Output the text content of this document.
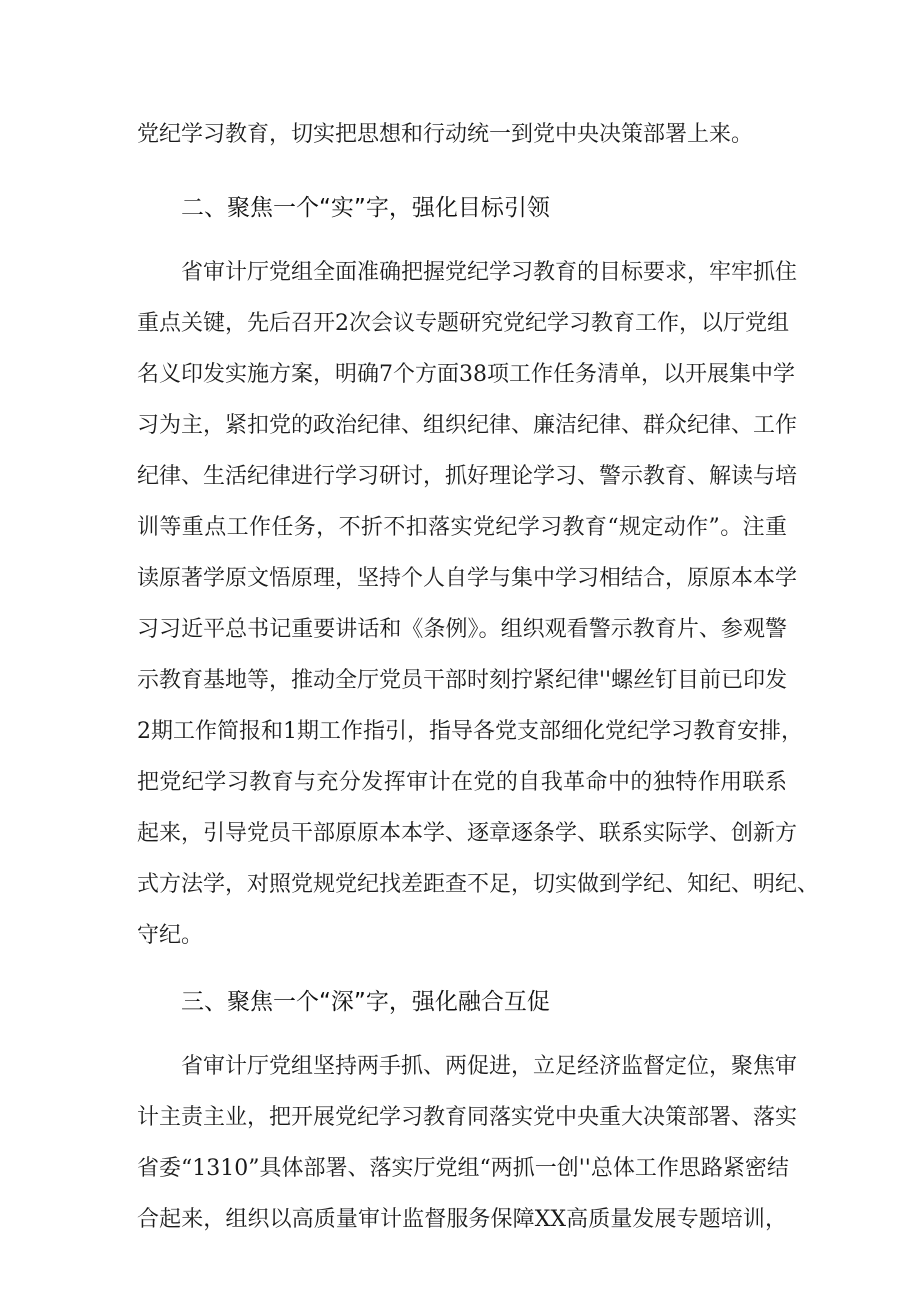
党纪学习教育，切实把思想和行动统一到党中央决策部署上来。
二、聚焦一个“实”字，强化目标引领
省审计厅党组全面准确把握党纪学习教育的目标要求，牢牢抓住
重点关键，先后召开2次会议专题研究党纪学习教育工作，以厅党组
名义印发实施方案，明确7个方面38项工作任务清单，以开展集中学
习为主，紧扣党的政治纪律、组织纪律、廉洁纪律、群众纪律、工作
纪律、生活纪律进行学习研讨，抓好理论学习、警示教育、解读与培
训等重点工作任务，不折不扣落实党纪学习教育“规定动作”。注重
读原著学原文悟原理，坚持个人自学与集中学习相结合，原原本本学
习习近平总书记重要讲话和《条例》。组织观看警示教育片、参观警
示教育基地等，推动全厅党员干部时刻拧紧纪律''螺丝钉目前已印发
2期工作简报和1期工作指引，指导各党支部细化党纪学习教育安排，
把党纪学习教育与充分发挥审计在党的自我革命中的独特作用联系
起来，引导党员干部原原本本学、逐章逐条学、联系实际学、创新方
式方法学，对照党规党纪找差距查不足，切实做到学纪、知纪、明纪、
守纪。
三、聚焦一个“深”字，强化融合互促
省审计厅党组坚持两手抓、两促进，立足经济监督定位，聚焦审
计主责主业，把开展党纪学习教育同落实党中央重大决策部署、落实
省委“1310”具体部署、落实厅党组“两抓一创''总体工作思路紧密结
合起来，组织以高质量审计监督服务保障XX高质量发展专题培训，
